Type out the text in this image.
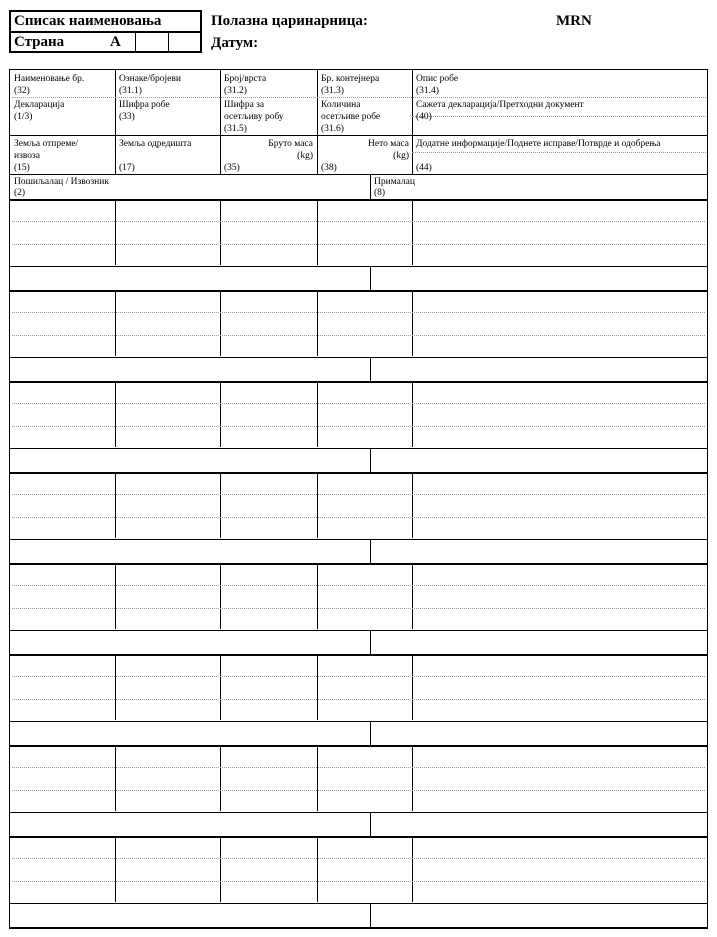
Списак наименовања
Страна	A
Полазна царинарница:
Датум:
MRN
Наименовање бр.
(32)
Ознаке/бројеви
(31.1)
Број/врста
(31.2)
Бр. контејнера
(31.3)
Опис робе
(31.4)
Декларација
(1/3)
Шифра робе
(33)
Шифра за
осетљиву робу
(31.5)
Количина
осетљиве робе
(31.6)
Сажета декларација/Претходни документ
(40)
Земља отпреме/
извоза
(15)
Земља одредишта
(17)
Бруто маса
(kg)
(35)
Нето маса
(kg)
(38)
Додатне информације/Поднете исправе/Потврде и одобрења
(44)
Пошиљалац / Извозник
(2)
Прималац
(8)
